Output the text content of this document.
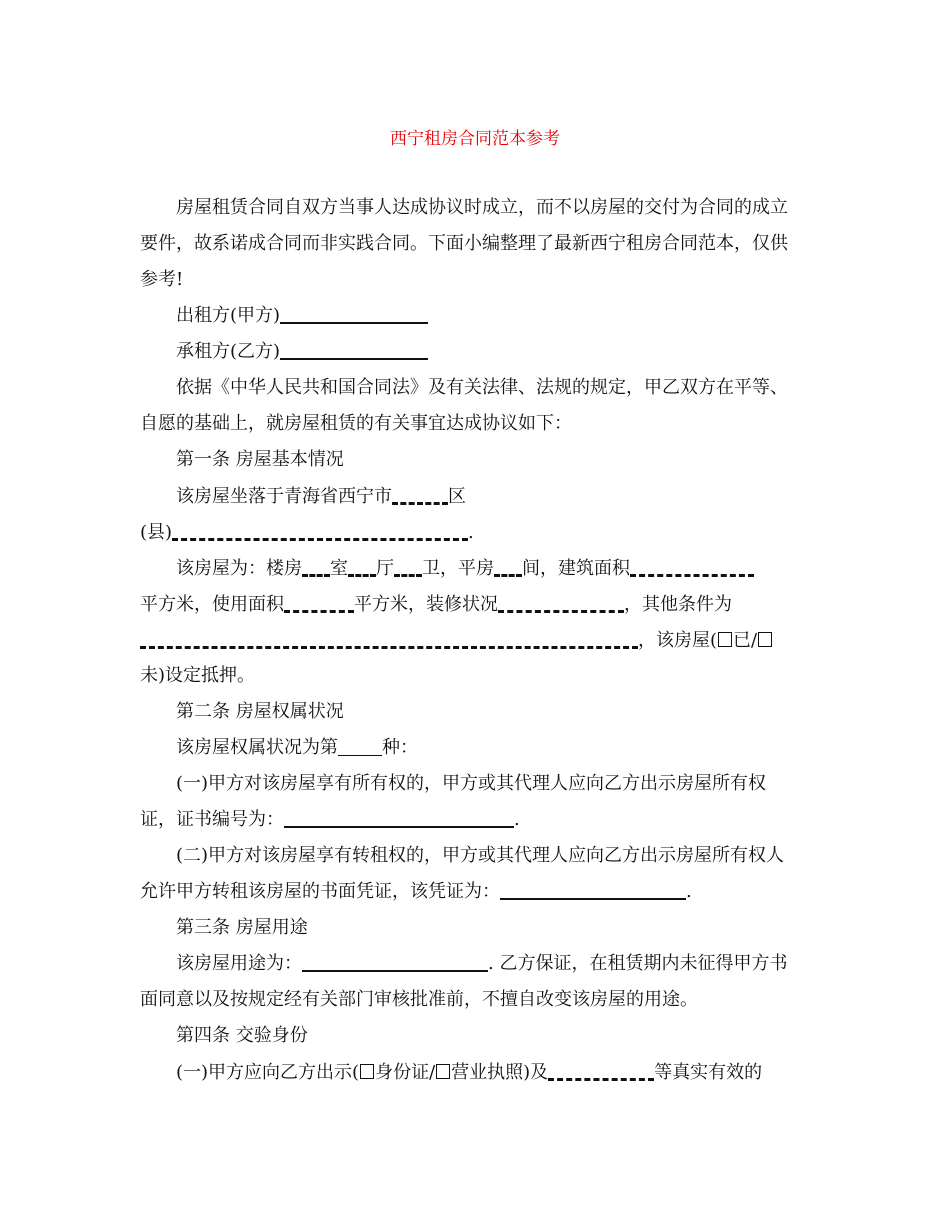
西宁租房合同范本参考
房屋租赁合同自双方当事人达成协议时成立，而不以房屋的交付为合同的成立
要件，故系诺成合同而非实践合同。下面小编整理了最新西宁租房合同范本，仅供
参考!
出租方(甲方)
承租方(乙方)
依据《中华人民共和国合同法》及有关法律、法规的规定，甲乙双方在平等、
自愿的基础上，就房屋租赁的有关事宜达成协议如下：
第一条 房屋基本情况
该房屋坐落于青海省西宁市	区
(县)	.
该房屋为：楼房 室 厅 卫，平房 间，建筑面积
平方米，使用面积	平方米，装修状况	，其他条件为
，该房屋( 已/
未)设定抵押。
第二条 房屋权属状况
该房屋权属状况为第 种：
(一)甲方对该房屋享有所有权的，甲方或其代理人应向乙方出示房屋所有权
证，证书编号为：	.
(二)甲方对该房屋享有转租权的，甲方或其代理人应向乙方出示房屋所有权人
允许甲方转租该房屋的书面凭证，该凭证为：	.
第三条 房屋用途
该房屋用途为：	. 乙方保证，在租赁期内未征得甲方书
面同意以及按规定经有关部门审核批准前，不擅自改变该房屋的用途。
第四条 交验身份
(一)甲方应向乙方出示( 身份证/ 营业执照)及	等真实有效的
